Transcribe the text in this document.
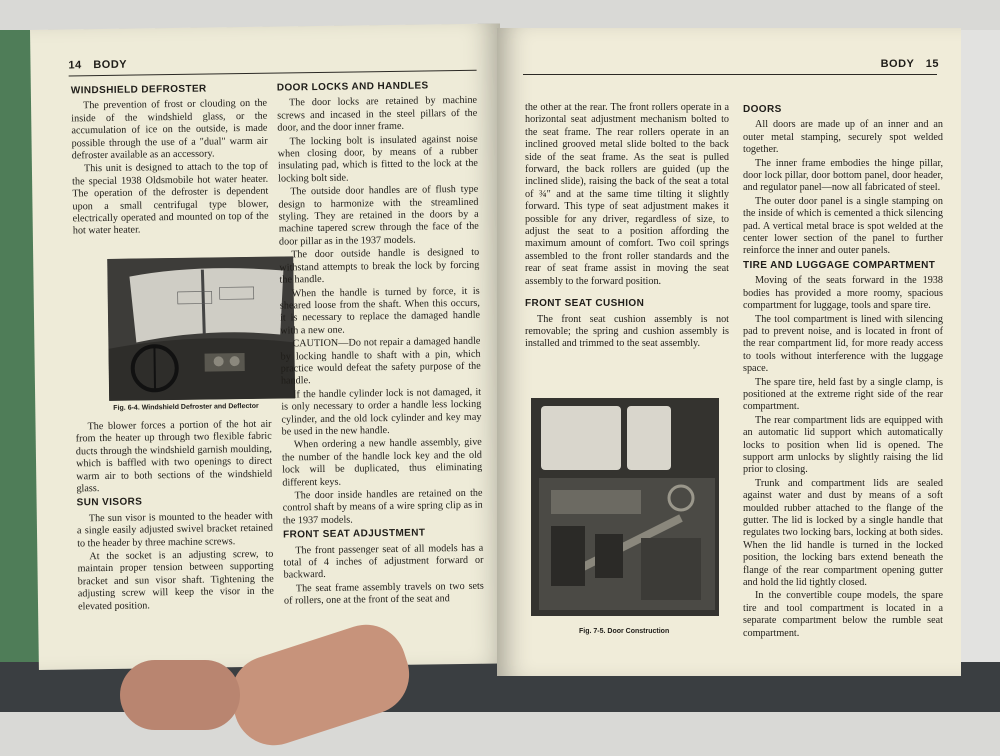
14 BODY
WINDSHIELD DEFROSTER

The prevention of frost or clouding on the inside of the windshield glass, or the accumulation of ice on the outside, is made possible through the use of a "dual" warm air defroster available as an accessory.

This unit is designed to attach to the top of the special 1938 Oldsmobile hot water heater. The operation of the defroster is dependent upon a small centrifugal type blower, electrically operated and mounted on top of the hot water heater.

Fig. 6-4. Windshield Defroster and Deflector

The blower forces a portion of the hot air from the heater up through two flexible fabric ducts through the windshield garnish moulding, which is baffled with two openings to direct warm air to both sections of the windshield glass.

SUN VISORS

The sun visor is mounted to the header with a single easily adjusted swivel bracket retained to the header by three machine screws.

At the socket is an adjusting screw, to maintain proper tension between supporting bracket and sun visor shaft. Tightening the adjusting screw will keep the visor in the elevated position.

DOOR LOCKS AND HANDLES

The door locks are retained by machine screws and incased in the steel pillars of the door, and the door inner frame.

The locking bolt is insulated against noise when closing door, by means of a rubber insulating pad, which is fitted to the lock at the locking bolt side.

The outside door handles are of flush type design to harmonize with the streamlined styling. They are retained in the doors by a machine tapered screw through the face of the door pillar as in the 1937 models.

The door outside handle is designed to withstand attempts to break the lock by forcing the handle.

When the handle is turned by force, it is sheared loose from the shaft. When this occurs, it is necessary to replace the damaged handle with a new one.

CAUTION—Do not repair a damaged handle by locking handle to shaft with a pin, which practice would defeat the safety purpose of the handle.

If the handle cylinder lock is not damaged, it is only necessary to order a handle less locking cylinder, and the old lock cylinder and key may be used in the new handle.

When ordering a new handle assembly, give the number of the handle lock key and the old lock will be duplicated, thus eliminating different keys.

The door inside handles are retained on the control shaft by means of a wire spring clip as in the 1937 models.

FRONT SEAT ADJUSTMENT

The front passenger seat of all models has a total of 4 inches of adjustment forward or backward.

The seat frame assembly travels on two sets of rollers, one at the front of the seat and

BODY 15

the other at the rear. The front rollers operate in a horizontal seat adjustment mechanism bolted to the seat frame. The rear rollers operate in an inclined grooved metal slide bolted to the back side of the seat frame. As the seat is pulled forward, the back rollers are guided (up the inclined slide), raising the back of the seat a total of ¾" and at the same time tilting it slightly forward. This type of seat adjustment makes it possible for any driver, regardless of size, to adjust the seat to a position affording the maximum amount of comfort. Two coil springs assembled to the front roller standards and the rear of seat frame assist in moving the seat assembly to the forward position.

FRONT SEAT CUSHION

The front seat cushion assembly is not removable; the spring and cushion assembly is installed and trimmed to the seat assembly.

Fig. 7-5. Door Construction
DOORS

All doors are made up of an inner and an outer metal stamping, securely spot welded together.

The inner frame embodies the hinge pillar, door lock pillar, door bottom panel, door header, and regulator panel—now all fabricated of steel.

The outer door panel is a single stamping on the inside of which is cemented a thick silencing pad. A vertical metal brace is spot welded at the center lower section of the panel to further reinforce the inner and outer panels.

TIRE AND LUGGAGE COMPARTMENT

Moving of the seats forward in the 1938 bodies has provided a more roomy, spacious compartment for luggage, tools and spare tire.

The tool compartment is lined with silencing pad to prevent noise, and is located in front of the rear compartment lid, for more ready access to tools without interference with the luggage space.

The spare tire, held fast by a single clamp, is positioned at the extreme right side of the rear compartment.

The rear compartment lids are equipped with an automatic lid support which automatically locks to position when lid is opened. The support arm unlocks by slightly raising the lid prior to closing.

Trunk and compartment lids are sealed against water and dust by means of a soft moulded rubber attached to the flange of the gutter. The lid is locked by a single handle that regulates two locking bars, locking at both sides. When the lid handle is turned in the locked position, the locking bars extend beneath the flange of the rear compartment opening gutter and hold the lid tightly closed.

In the convertible coupe models, the spare tire and tool compartment is located in a separate compartment below the rumble seat compartment.
